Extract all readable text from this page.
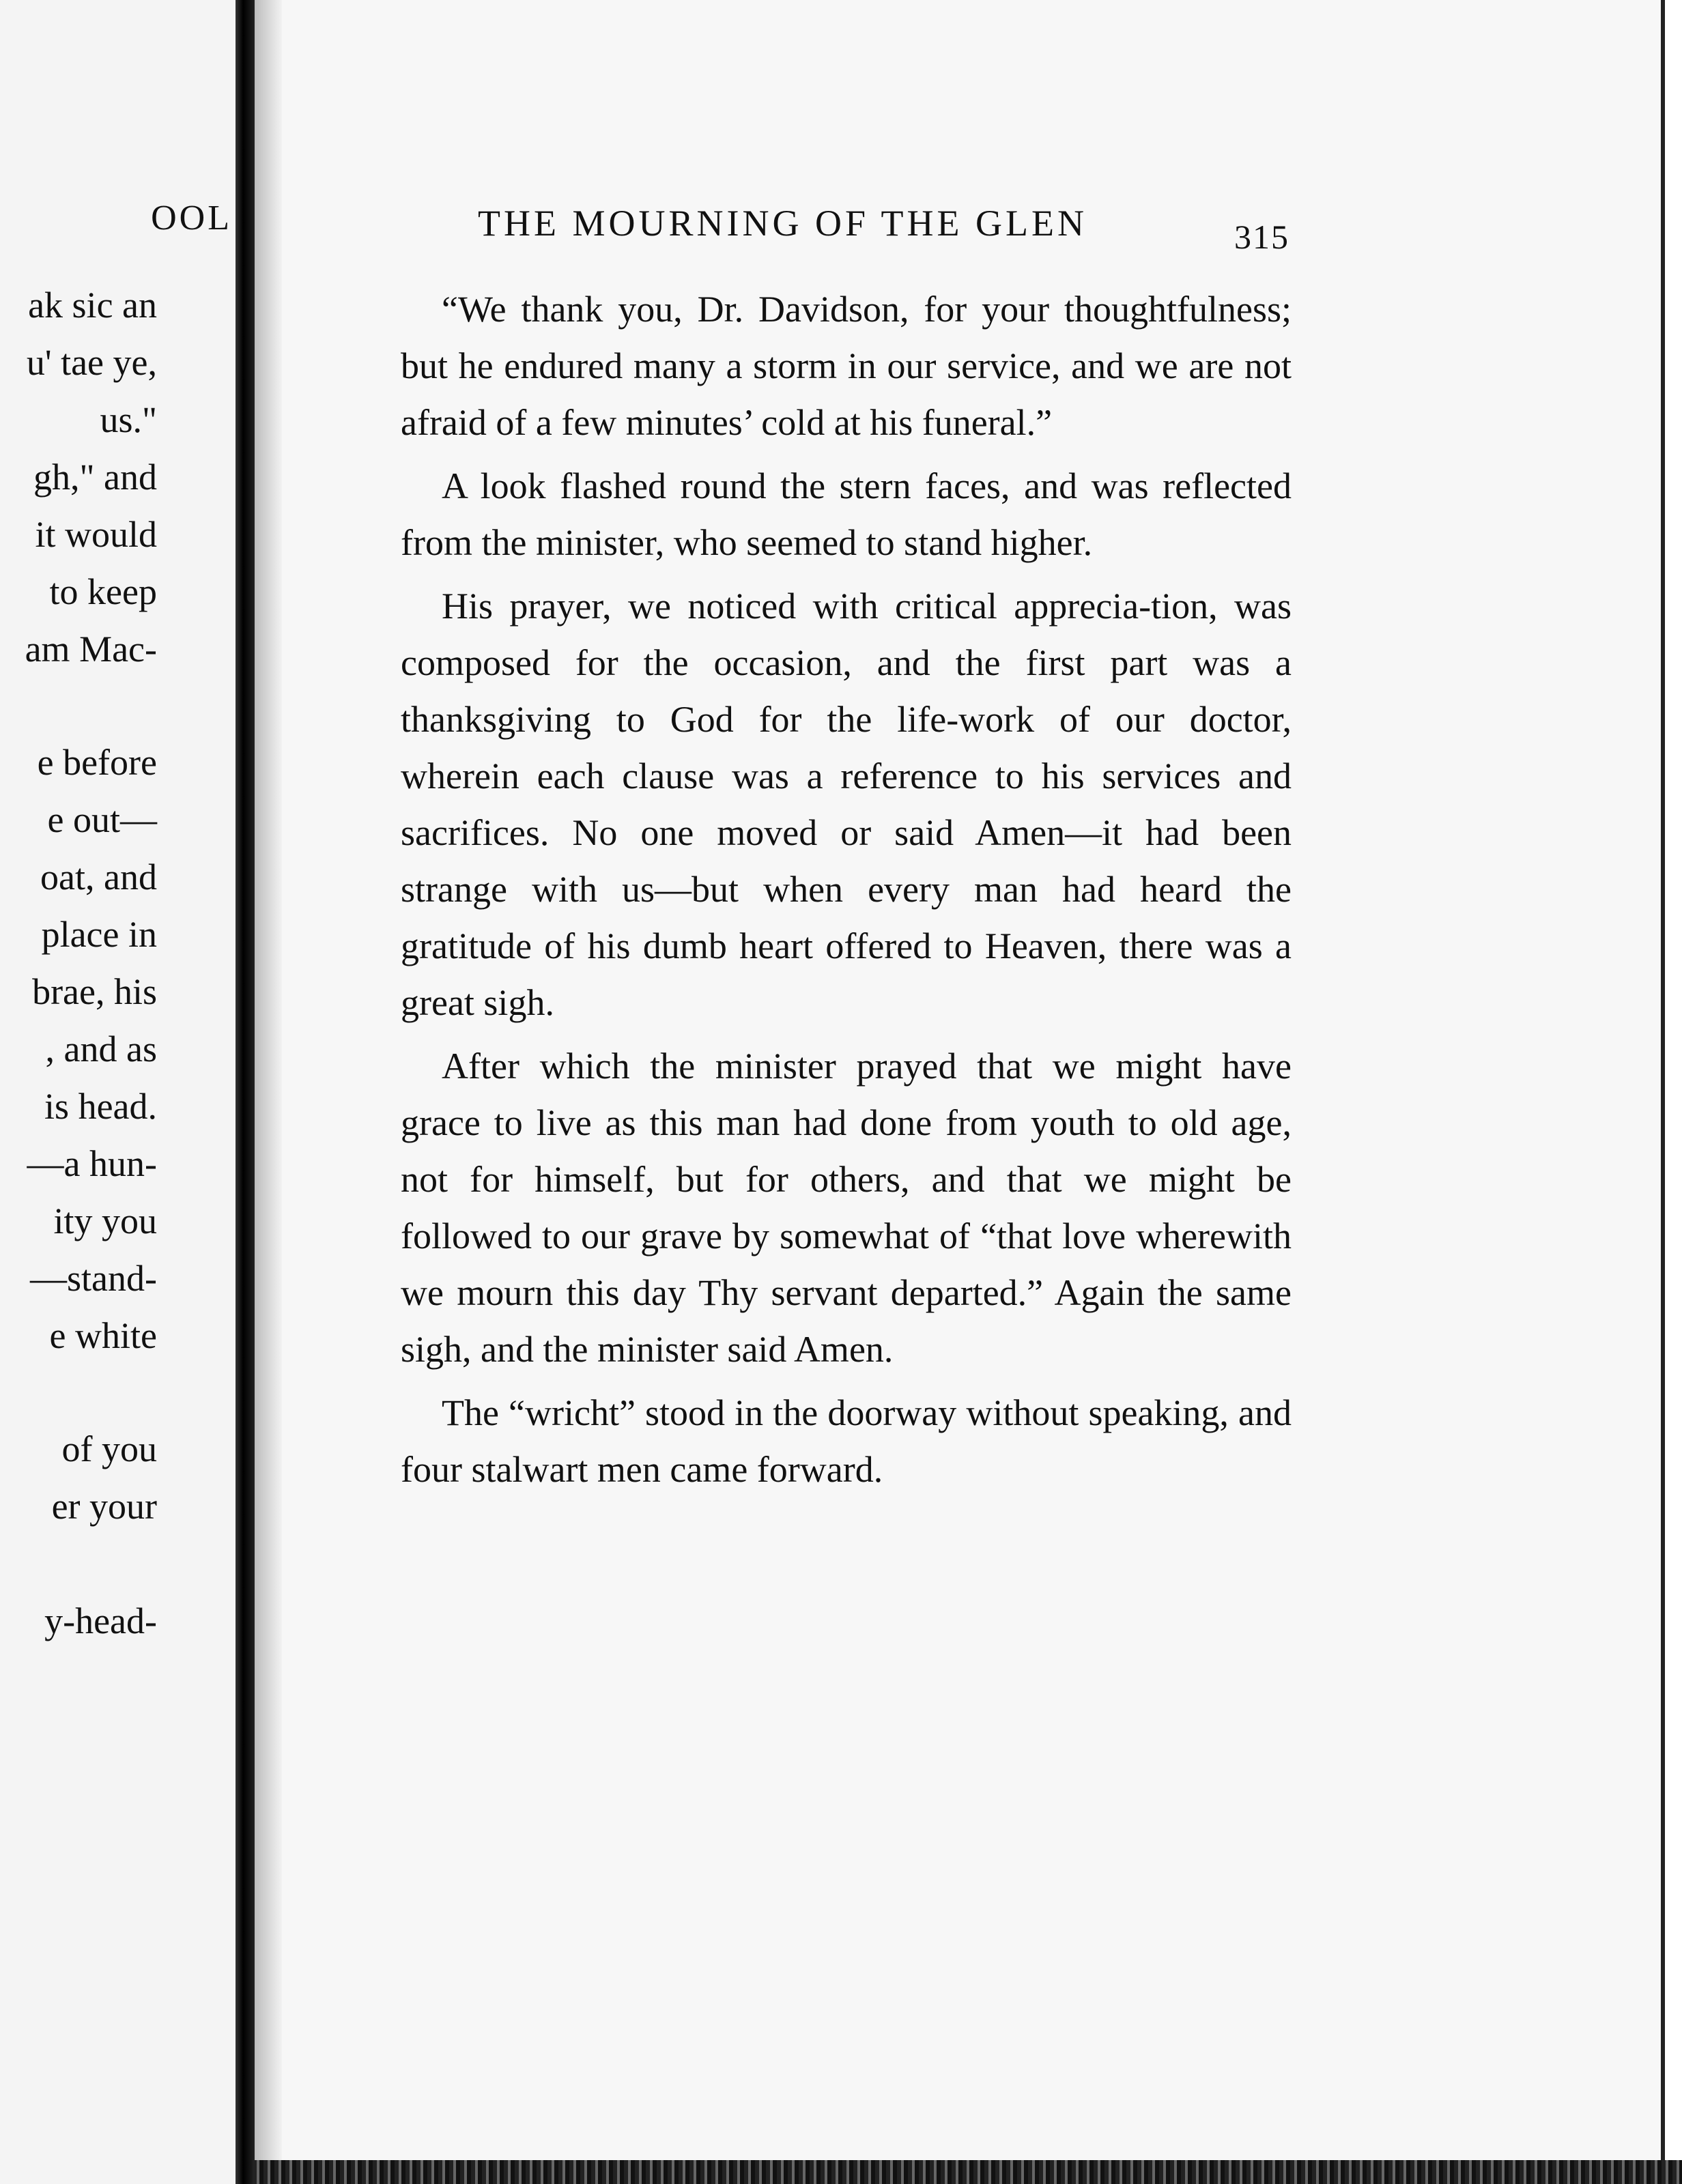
OOL
ak sic an
u' tae ye,
us."
gh," and
it would
to keep
am Mac-
e before
e out—
oat, and
place in
brae, his
, and as
is head.
—a hun-
ity you
—stand-
e white
of you
er your
y-head-
THE MOURNING OF THE GLEN	315

“We thank you, Dr. Davidson, for your thoughtfulness; but he endured many a storm in our service, and we are not afraid of a few minutes’ cold at his funeral.”

A look flashed round the stern faces, and was reflected from the minister, who seemed to stand higher.

His prayer, we noticed with critical apprecia-tion, was composed for the occasion, and the first part was a thanksgiving to God for the life-work of our doctor, wherein each clause was a reference to his services and sacrifices. No one moved or said Amen—it had been strange with us—but when every man had heard the gratitude of his dumb heart offered to Heaven, there was a great sigh.

After which the minister prayed that we might have grace to live as this man had done from youth to old age, not for himself, but for others, and that we might be followed to our grave by somewhat of “that love wherewith we mourn this day Thy servant departed.” Again the same sigh, and the minister said Amen.

The “wricht” stood in the doorway without speaking, and four stalwart men came forward.
